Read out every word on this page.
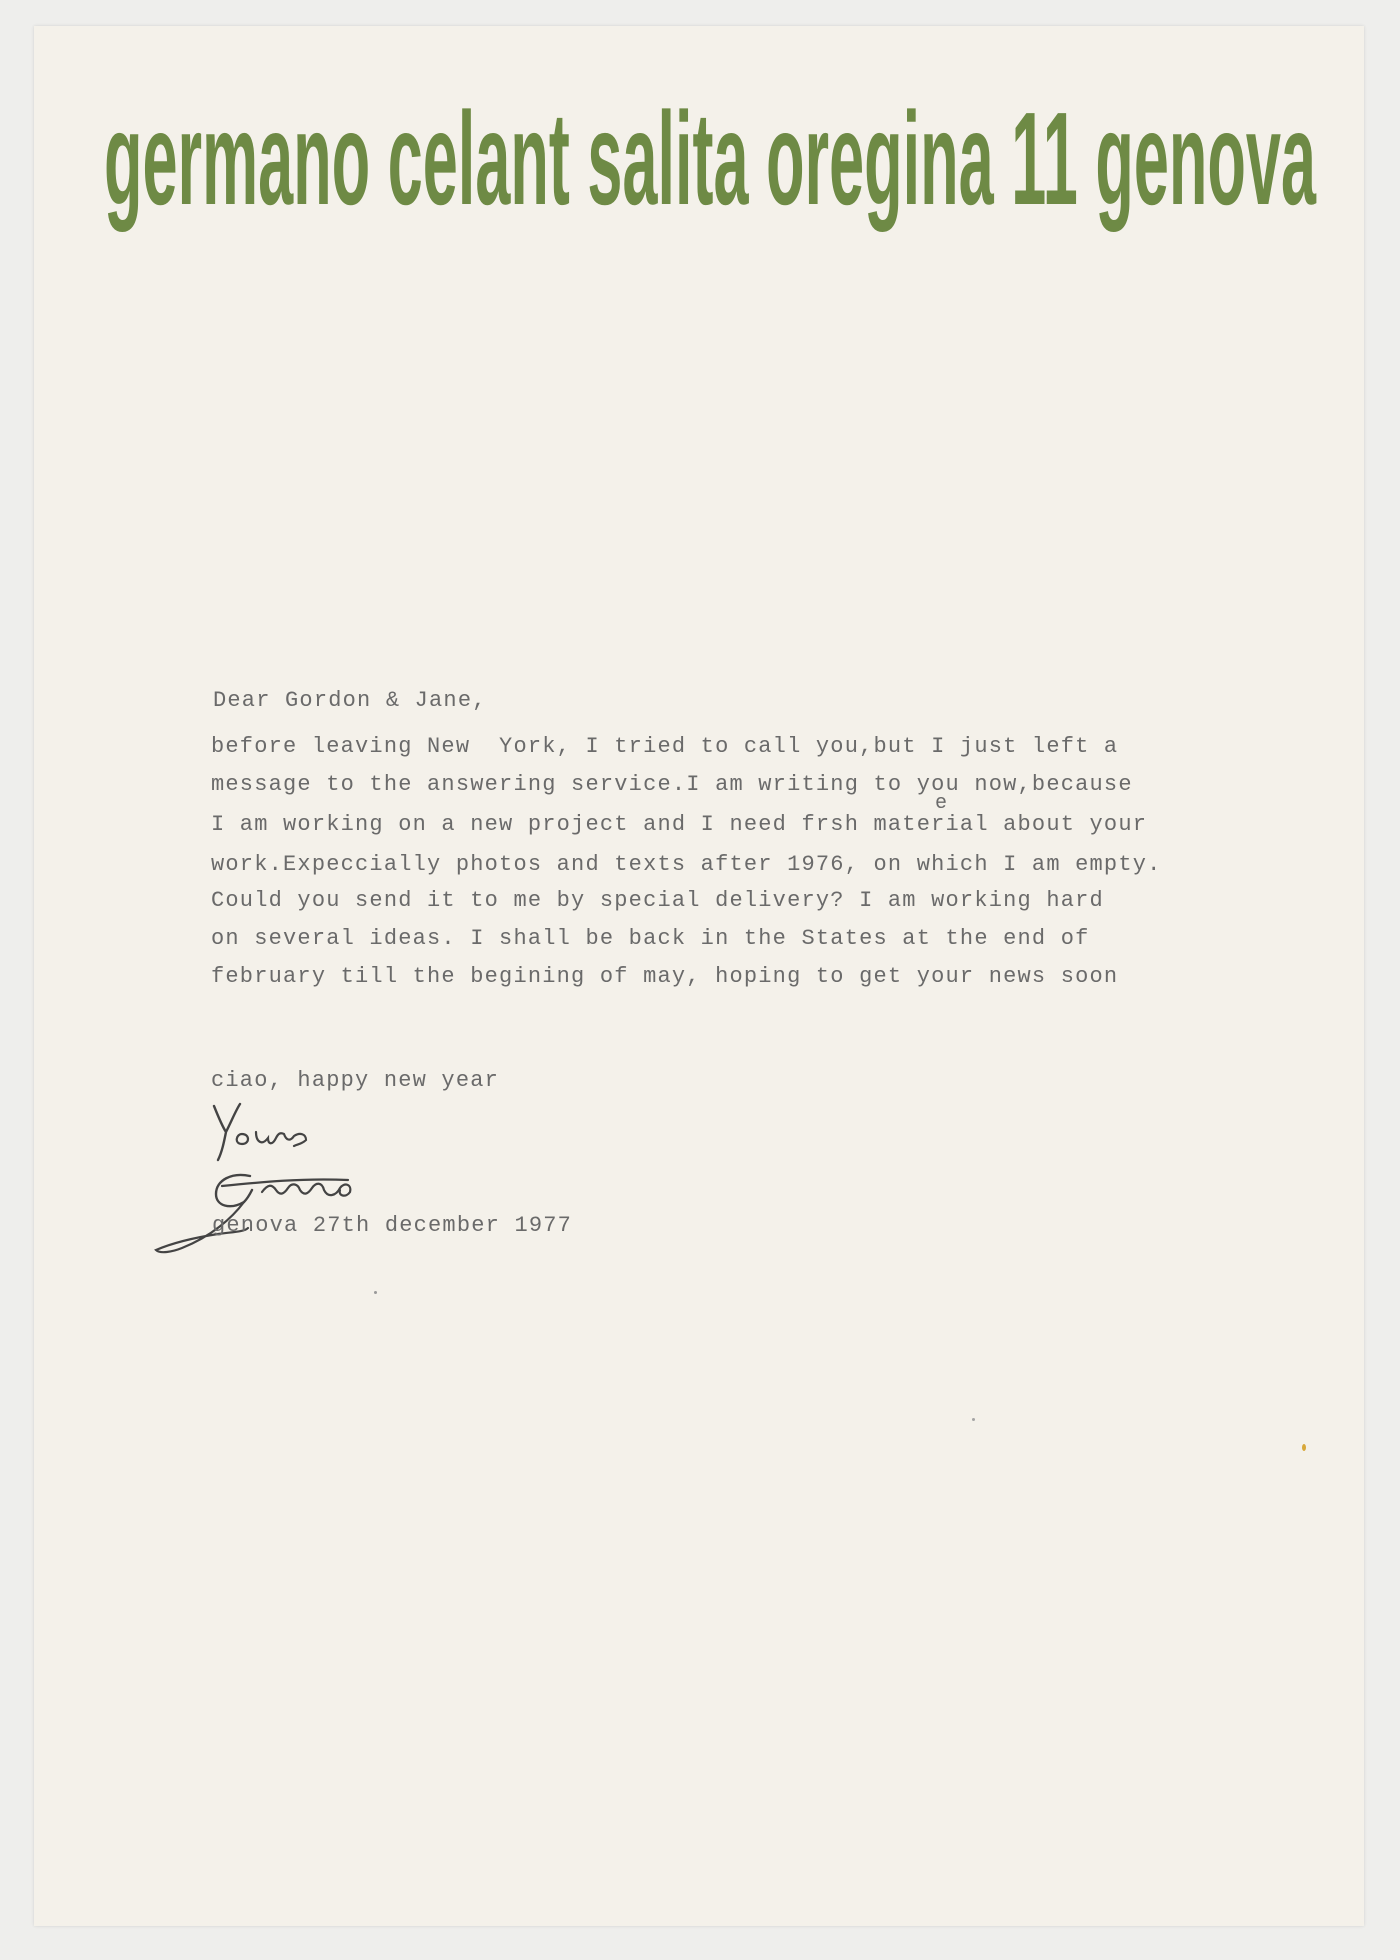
germano celant salita oregina 11 genova
Dear Gordon & Jane,

before leaving New  York, I tried to call you,but I just left a

message to the answering service.I am writing to you now,because

I am working on a new project and I need frsh material about your

e

work.Expeccially photos and texts after 1976, on which I am empty.

Could you send it to me by special delivery? I am working hard

on several ideas. I shall be back in the States at the end of

february till the begining of may, hoping to get your news soon

ciao, happy new year
genova 27th december 1977
